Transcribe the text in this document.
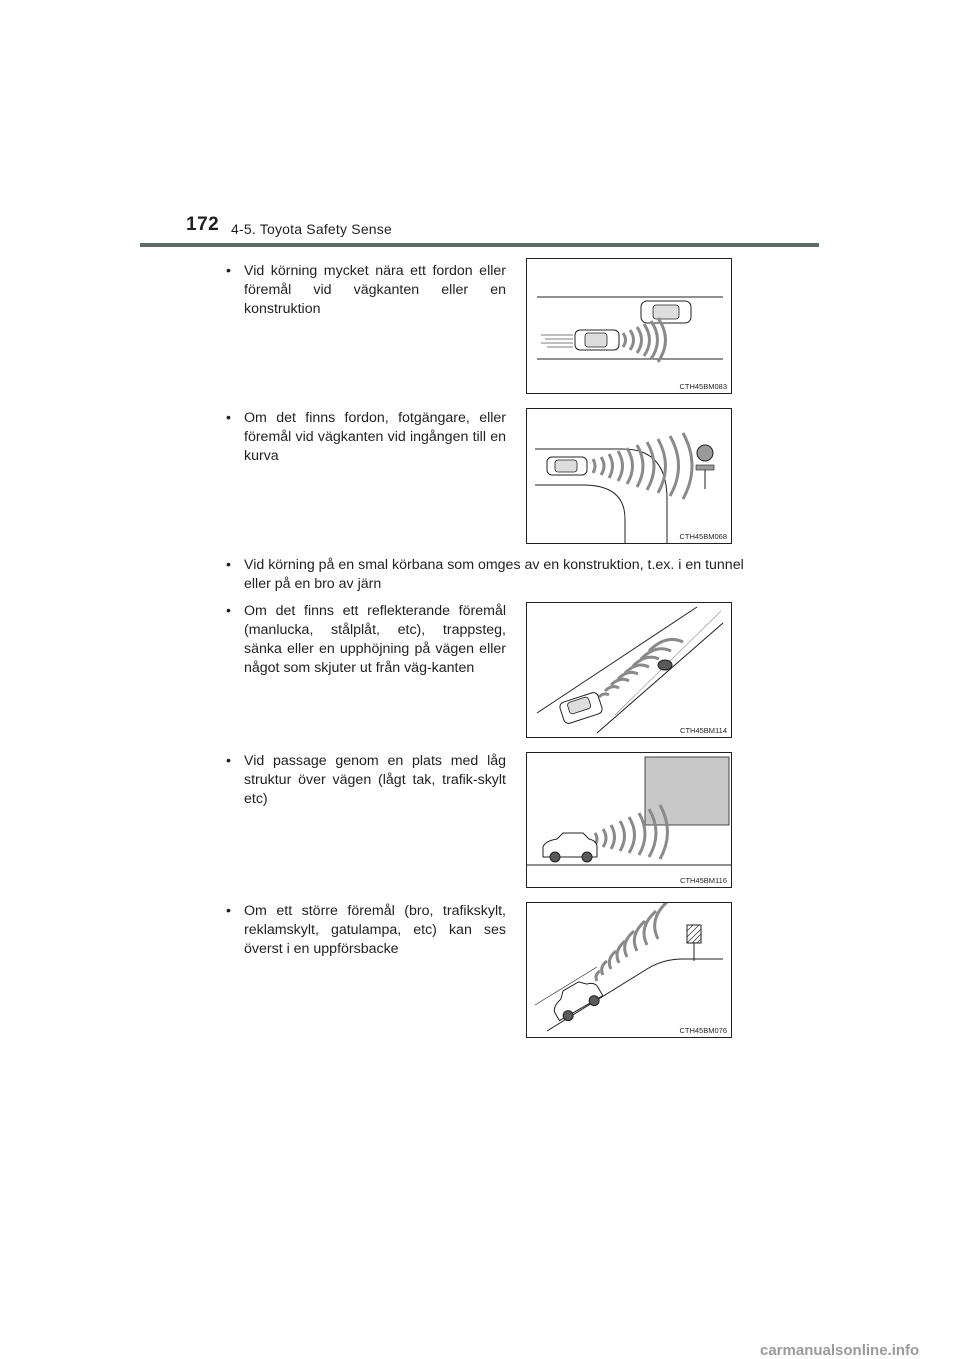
172 4-5. Toyota Safety Sense
• Vid körning mycket nära ett fordon eller föremål vid vägkanten eller en konstruktion
CTH45BM083
• Om det finns fordon, fotgängare, eller föremål vid vägkanten vid ingången till en kurva
CTH45BM068
• Vid körning på en smal körbana som omges av en konstruktion, t.ex. i en tunnel eller på en bro av järn
• Om det finns ett reflekterande föremål (manlucka, stålplåt, etc), trappsteg, sänka eller en upphöjning på vägen eller något som skjuter ut från väg-kanten
CTH45BM114
• Vid passage genom en plats med låg struktur över vägen (lågt tak, trafik-skylt etc)
CTH45BM116
• Om ett större föremål (bro, trafikskylt, reklamskylt, gatulampa, etc) kan ses överst i en uppförsbacke
CTH45BM076
carmanualsonline.info
